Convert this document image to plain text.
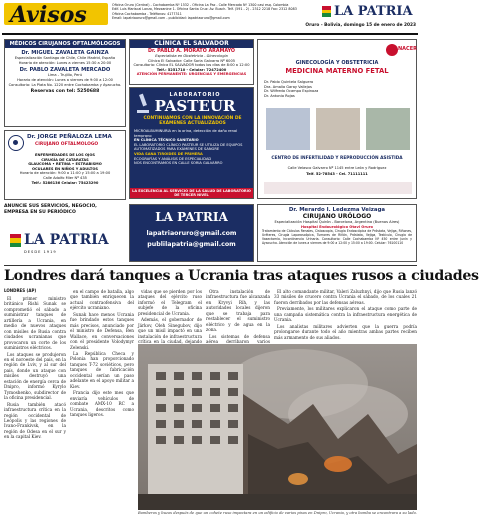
Avisos	Oficina Oruro (Central) - Cochabamba Nº 1532 - Oficina La Paz - Calle Mercado Nº 1300 casi esq. Colombia
Edif. Luis Mariscal Lonzo, Mezzanine 1. Oficina Santa Cruz: Av. Busch. Telf. (591 - 2) - 2312 2218 Fax: 2312 8083
Oficina Cochabamba - Teléfonos: 4177311
Email: lapatriaoruro@gmail.com - publicidad: lapatriaoruro@gmail.com	LA PATRIA
Oruro - Bolivia, domingo 15 de enero de 2023
MÉDICOS CIRUJANOS OFTALMÓLOGOS
Dr. MIGUEL ZAVALETA GAINZA
Especialización Santiago de Chile, Chile Madrid, España
Horario de atención: Lunes a viernes 15:30 a 20:00
Dr. PABLO ZAVALETA MERCADO
Lima - Trujillo, Perú
Horario de atención: Lunes a viernes de 9:00 a 12:00
Consultorio: La Plata No. 1220 entre Cochabamba y Ayacucho.
Reservas con tel: 5250688
Dr. JORGE PEÑALOZA LEMA
CIRUJANO OFTALMOLOGO
ENFERMEDADES DE LOS OJOS
CIRUGÍA DE CATARATAS
GLAUCOMA • RETINA • ESTRABISMO
OCULARES EN NIÑOS Y ADULTOS
Horario de atención: 9:00 a 11:00 y 15:00 a 19:00
Calle Adolfo Mier Nº 435
Telf.: 5286136 Celular: 75423290
CLÍNICA EL SALVADOR
Dr. PABLO A. MORATO ARAMAYO
Especialista en Obstetricia - Ginecología
Clínica El Salvador: Calle Soria Galvarro Nº 6005
Consultorio: Clínica EL SALVADOR todos los días de 8:00 a 12:00
Telf.: 5251710 - Celular: 72472400
ATENCIÓN PERMANENTE: URGENCIAS Y EMERGENCIAS
LABORATORIO
PASTEUR
CONTINUAMOS CON LA INNOVACIÓN DE EXÁMENES ACTUALIZADOS
MICROALBUMINURIA en la orina, detección de daño renal temprano
EN CLÍNICA TÉCNICO SANITARIO
EL LABORATORIO CLÍNICO PASTEUR SE UTILIZA DE EQUIPOS
AUTOMATIZADOS PARA EXÁMENES DE SANGRE
VIDA SANA TIROIDES DE PRIMERA
ECOGRAFÍAS Y ANÁLISIS DE ESPECIALIDAD
NOS ENCONTRAMOS EN CALLE SORIA GALVARRO
LA EXCELENCIA AL SERVICIO DE LA SALUD DE LABORATORIO DE TERCER NIVEL
NACER
GINECOLOGÍA Y OBSTETRICIA
MEDICINA MATERNO FETAL
Dr. Pablo Quintela Salguero
Dra. Amalia Garay Vallejos
Dr. Wilfredo Ocampo Espinoza
Dr. Antonio Rojas
CENTRO DE INFERTILIDAD Y REPRODUCCIÓN ASISTIDA
Calle Velasco Galvarro Nº 1145 entre León y Rodríguez
Telf. 52-78543 - Cel. 71111111
ANUNCIE SUS SERVICIOS, NEGOCIO,
EMPRESA EN SU PERIÓDICO
LA PATRIA
DESDE 1919
LA PATRIA
lapatriaoruro@gmail.com
publilapatria@gmail.com
Dr. Merardo I. Ledezma Veizaga
CIRUJANO URÓLOGO
Especialización Hospital Quirón - Barcelona, Argentina (Buenos Aires)
Hospital Endourológico Otavi Oruro
Tratamiento de Cálculos Renales, Cistoscopia, Cirugía Endoscópica de Próstata, Vejiga, Riñones, Uréteres, Cirugía Laparoscópica, Tumores de Riñón, Próstata, Vejiga, Testículo, Cirugía de Vasectomía, Incontinencia Urinaria. Consultorio: Calle Cochabamba Nº 450 entre Junín y Ayacucho. Atención de lunes a viernes de 9:00 a 12:00 y 15:00 a 19:00. Celular: 76100110
Londres dará tanques a Ucrania tras ataques rusos a ciudades
LONDRES (AP)

El primer ministro británico Rishi Sunak se comprometió el sábado a suministrar tanques de artillería a Ucrania, en medio de nuevos ataques con misiles de Rusia contra ciudades ucranianas que provocaron un corte de los suministros eléctricos.

Los ataques se produjeron en el noroeste del país, en la región de Lviv, y al sur del país, donde un ataque con misiles destruyó una estación de energía cerca de Dnipro, informó Kyrylo Tymoshenko, subdirector de la oficina presidencial.

Rusia también atacó infraestructura crítica en la región occidental de Leópolis y las regiones de Ivano-Frankivsk, en la región de Odesa en el sur y en la capital Kiev.

en el campo de batalla, algo que también enriquecen la actual contraofensiva del ejército ucraniano.

Sunak hace menos Ucrania fue brindado estos tanques más precisos, anunciado por el ministro de Defensa, Ben Wallace, en conversaciones con el presidente Volodymyr Zelenski.

La República Checa y Polonia han proporcionado tanques T-72 soviéticos, pero tanques de fabricación occidental serían un paso adelante en el apoyo militar a Kiev.

Francia dijo este mes que enviaría vehículos de combate AMX-10 RC a Ucrania, descritos como tanques ligeros.

vidas que se pierden por los ataques del ejército ruso informó el Telegram el subjefe de la oficina presidencial de Ucrania.

Además, el gobernador de Járkov, Oleh Sinegubov, dijo que un misil impactó en una instalación de infraestructura crítica en la ciudad, dejando

Otra instalación de infraestructura fue alcanzada en Kryvyi Rih, y las autoridades locales dijeron que se trabaja para restablecer el suministro eléctrico y de agua en la zona.

Los sistemas de defensa aérea derribaron varios

El alto comandante militar, Valeri Zaluzhnyi, dijo que Rusia lanzó 33 misiles de crucero contra Ucrania el sábado, de los cuales 21 fueron derribados por las defensas aéreas.

Previamente, los militares explicaron el ataque como parte de una campaña sistemática contra la infraestructura energética de Ucrania.

Los analistas militares advierten que la guerra podría prolongarse durante todo el año mientras ambas partes reciben más armamento de sus aliados.

Bomberos y buzos después de que un cohete ruso impactara en un edificio de varios pisos en Dnipro, Ucrania, y otra bomba se encontrara a su lado.
